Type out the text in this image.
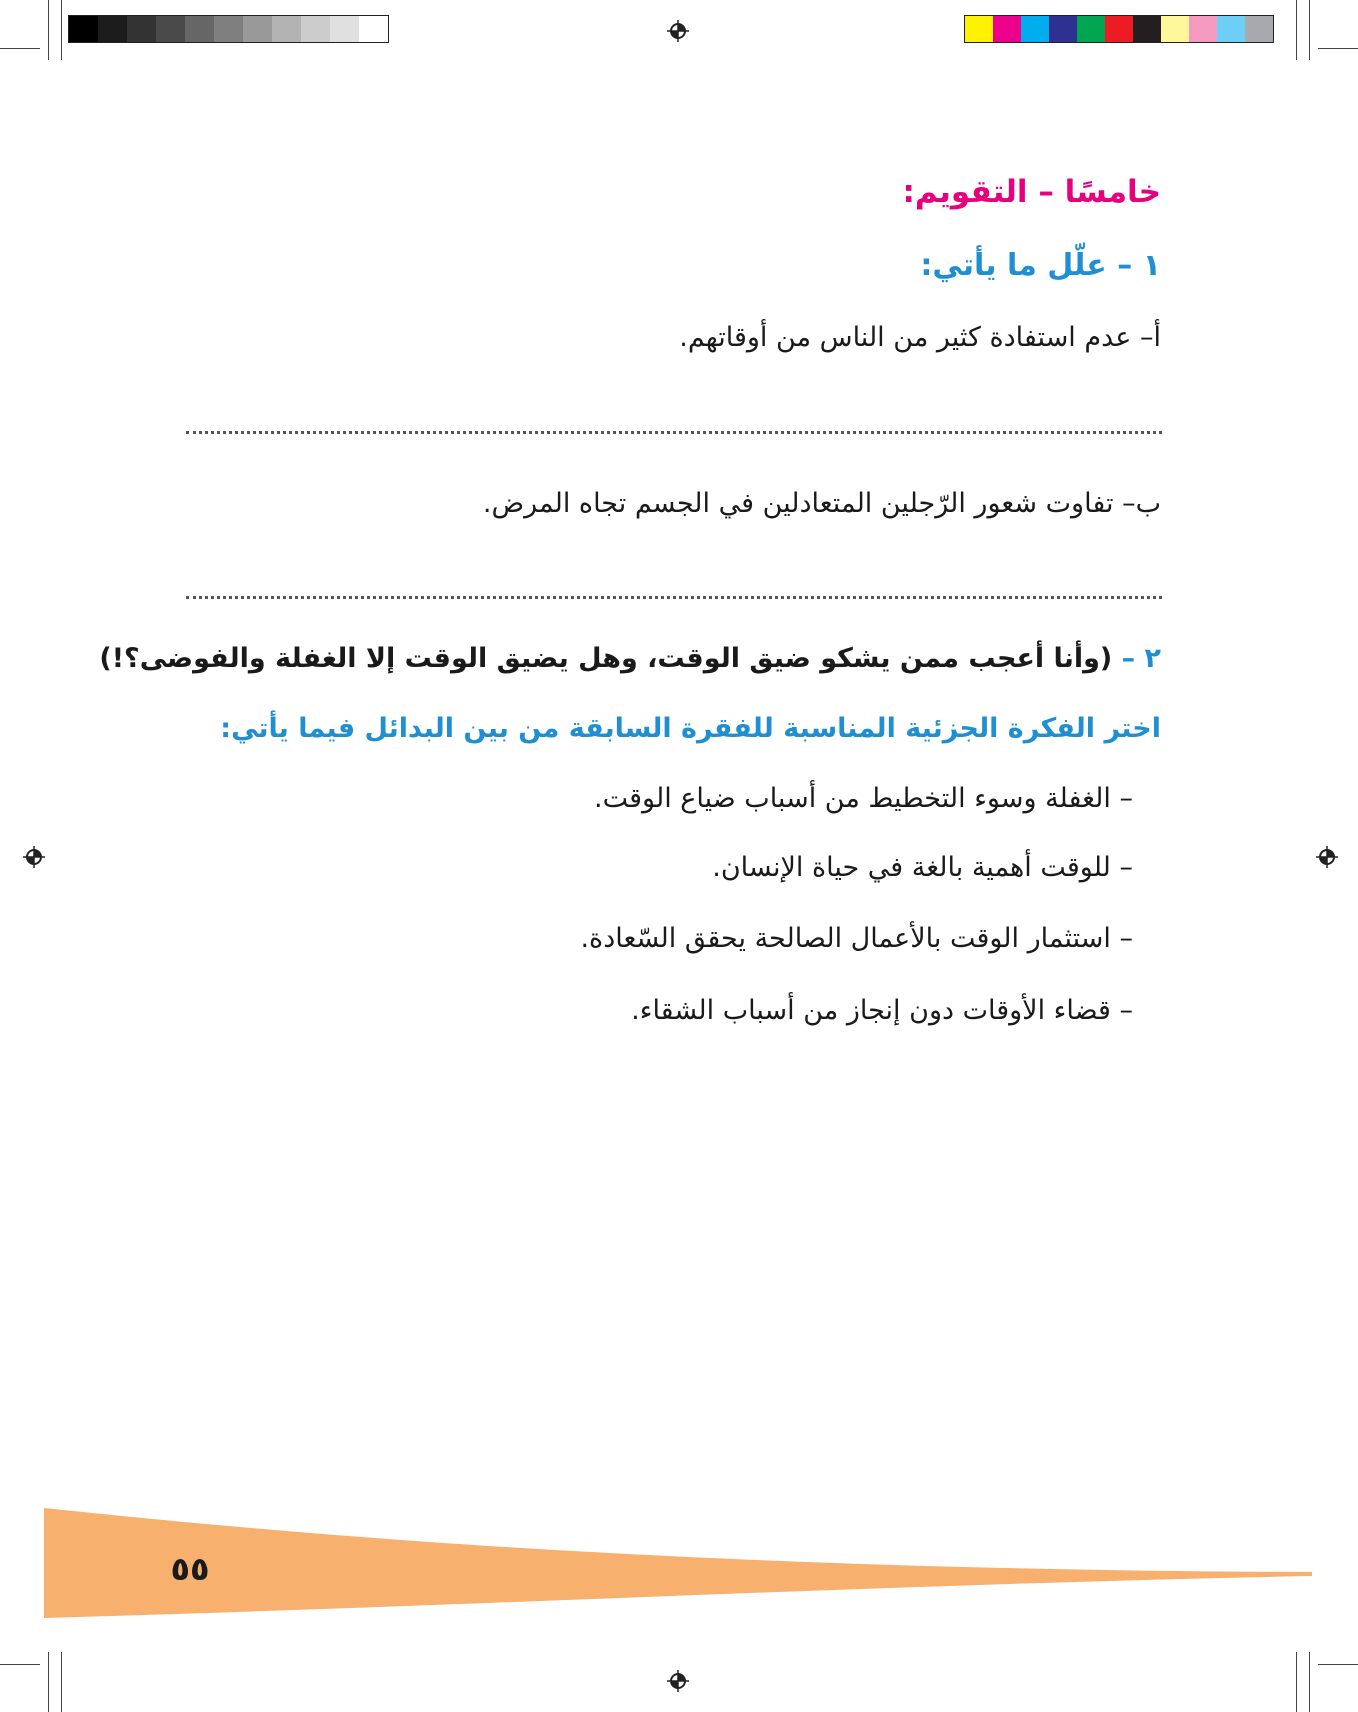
خامسًا – التقويم:
١ – علّل ما يأتي:
أ– عدم استفادة كثير من الناس من أوقاتهم.
ب– تفاوت شعور الرّجلين المتعادلين في الجسم تجاه المرض.
٢ – (وأنا أعجب ممن يشكو ضيق الوقت، وهل يضيق الوقت إلا الغفلة والفوضى؟!)
اختر الفكرة الجزئية المناسبة للفقرة السابقة من بين البدائل فيما يأتي:
– الغفلة وسوء التخطيط من أسباب ضياع الوقت.
– للوقت أهمية بالغة في حياة الإنسان.
– استثمار الوقت بالأعمال الصالحة يحقق السّعادة.
– قضاء الأوقات دون إنجاز من أسباب الشقاء.
٥٥
